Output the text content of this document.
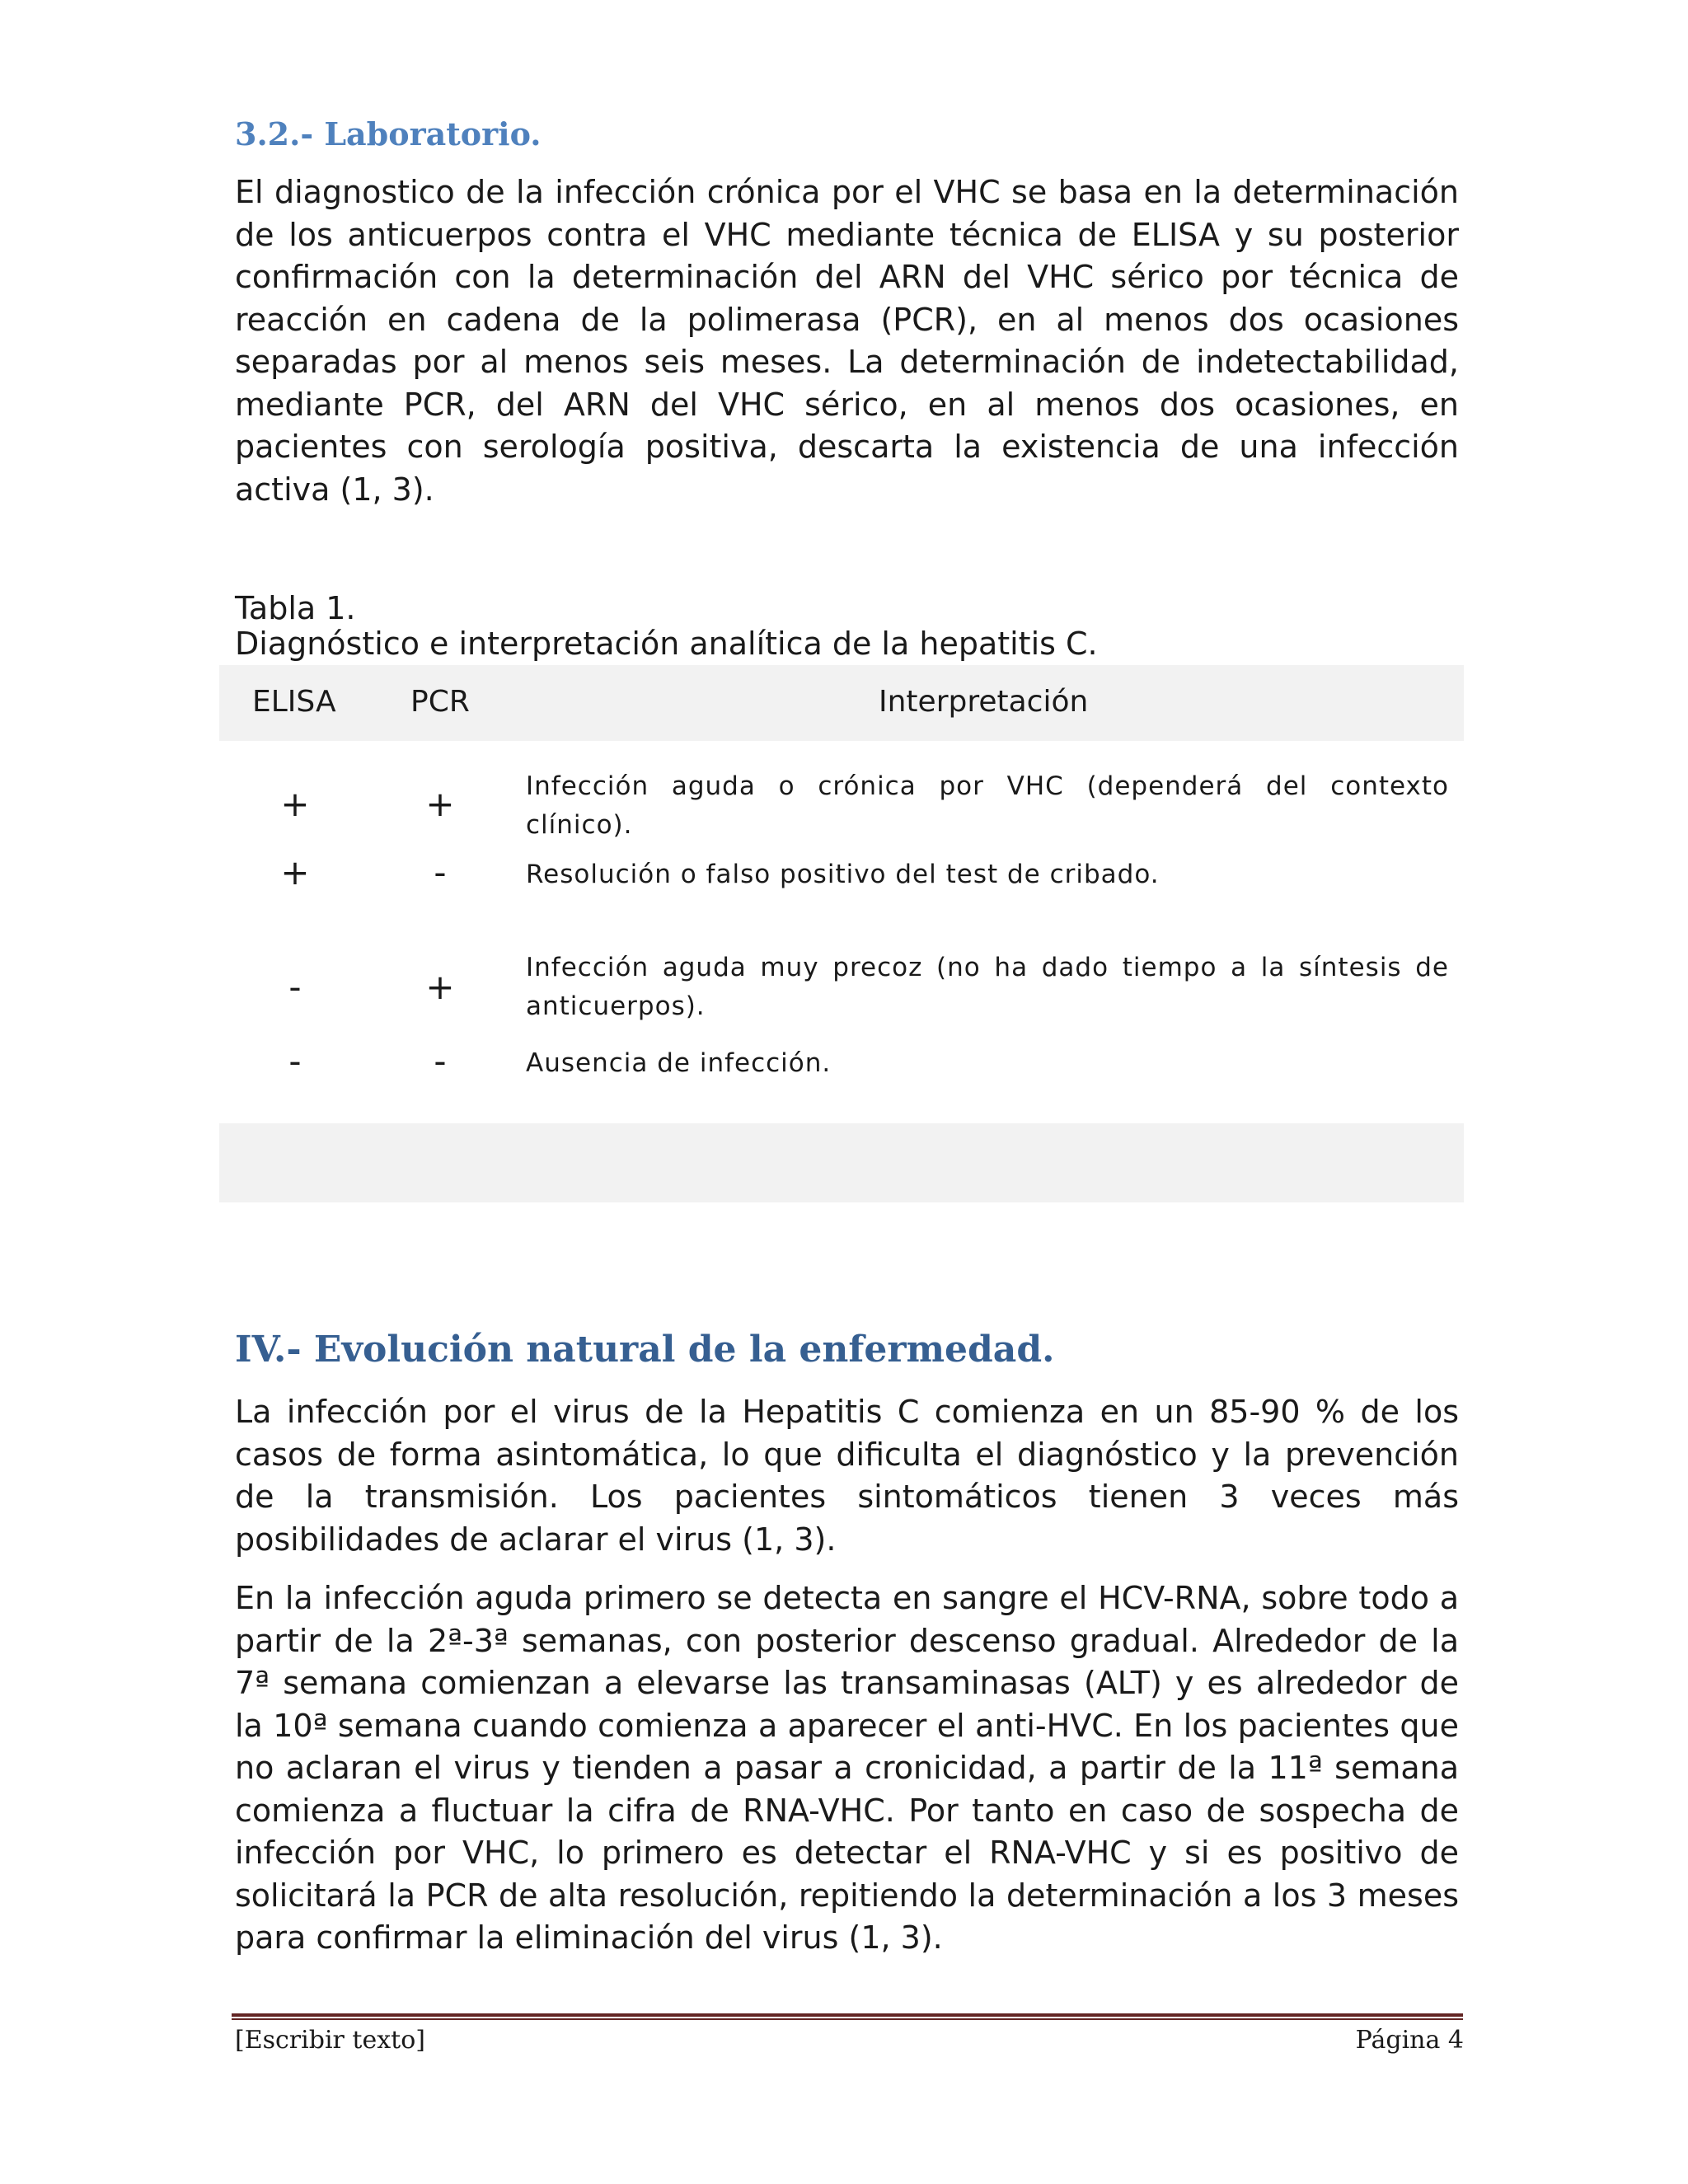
3.2.- Laboratorio.

El diagnostico de la infección crónica por el VHC se basa en la determinación de los anticuerpos contra el VHC mediante técnica de ELISA y su posterior confirmación con la determinación del ARN del VHC sérico por técnica de reacción en cadena de la polimerasa (PCR), en al menos dos ocasiones separadas por al menos seis meses. La determinación de indetectabilidad, mediante PCR, del ARN del VHC sérico, en al menos dos ocasiones, en pacientes con serología positiva, descarta la existencia de una infección activa (1, 3).

Tabla 1.
Diagnóstico e interpretación analítica de la hepatitis C.
ELISA	PCR	Interpretación
+	+	Infección aguda o crónica por VHC (dependerá del contexto clínico).
+	-	Resolución o falso positivo del test de cribado.
-	+	Infección aguda muy precoz (no ha dado tiempo a la síntesis de anticuerpos).
-	-	Ausencia de infección.
IV.- Evolución natural de la enfermedad.

La infección por el virus de la Hepatitis C comienza en un 85-90 % de los casos de forma asintomática, lo que dificulta el diagnóstico y la prevención de la transmisión. Los pacientes sintomáticos tienen 3 veces más posibilidades de aclarar el virus (1, 3).

En la infección aguda primero se detecta en sangre el HCV-RNA, sobre todo a partir de la 2ª-3ª semanas, con posterior descenso gradual. Alrededor de la 7ª semana comienzan a elevarse las transaminasas (ALT) y es alrededor de la 10ª semana cuando comienza a aparecer el anti-HVC. En los pacientes que no aclaran el virus y tienden a pasar a cronicidad, a partir de la 11ª semana comienza a fluctuar la cifra de RNA-VHC. Por tanto en caso de sospecha de infección por VHC, lo primero es detectar el RNA-VHC y si es positivo de solicitará la PCR de alta resolución, repitiendo la determinación a los 3 meses para confirmar la eliminación del virus (1, 3).

[Escribir texto]	Página 4
